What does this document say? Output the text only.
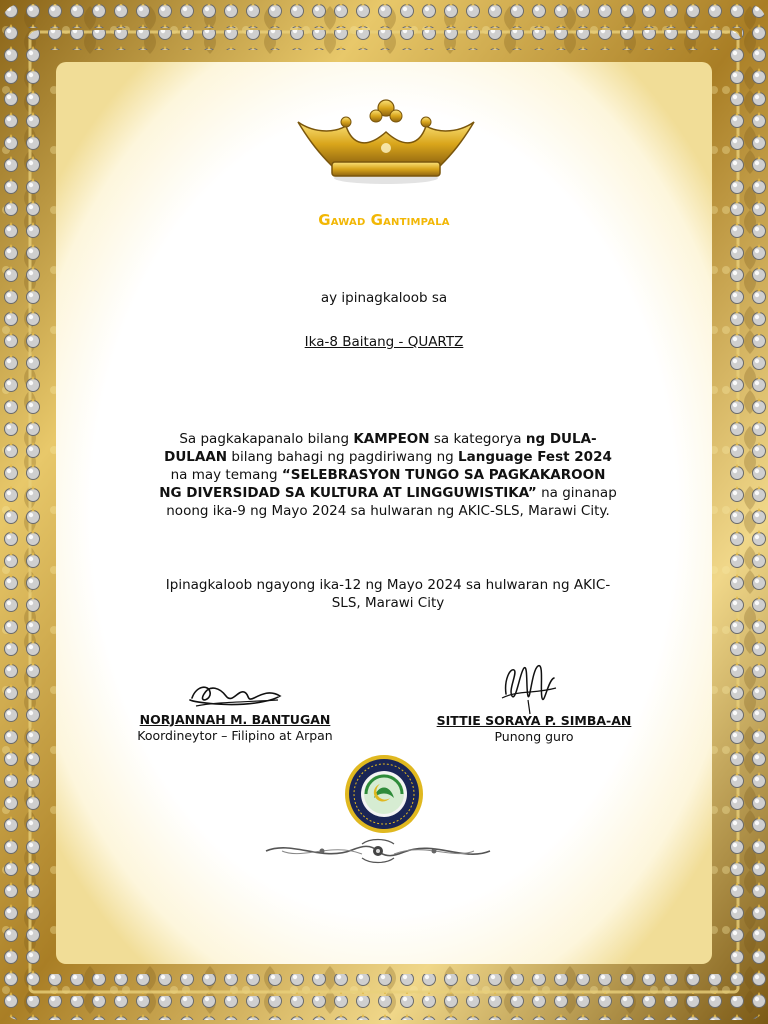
Gawad Gantimpala
ay ipinagkaloob sa
Ika-8 Baitang - QUARTZ
Sa pagkakapanalo bilang KAMPEON sa kategorya ng DULA-DULAAN bilang bahagi ng pagdiriwang ng Language Fest 2024 na may temang “SELEBRASYON TUNGO SA PAGKAKAROON NG DIVERSIDAD SA KULTURA AT LINGGUWISTIKA” na ginanap noong ika-9 ng Mayo 2024 sa hulwaran ng AKIC-SLS, Marawi City.
Ipinagkaloob ngayong ika-12 ng Mayo 2024 sa hulwaran ng AKIC-SLS, Marawi City
NORJANNAH M. BANTUGAN
Koordineytor – Filipino at Arpan
SITTIE SORAYA P. SIMBA-AN
Punong guro
